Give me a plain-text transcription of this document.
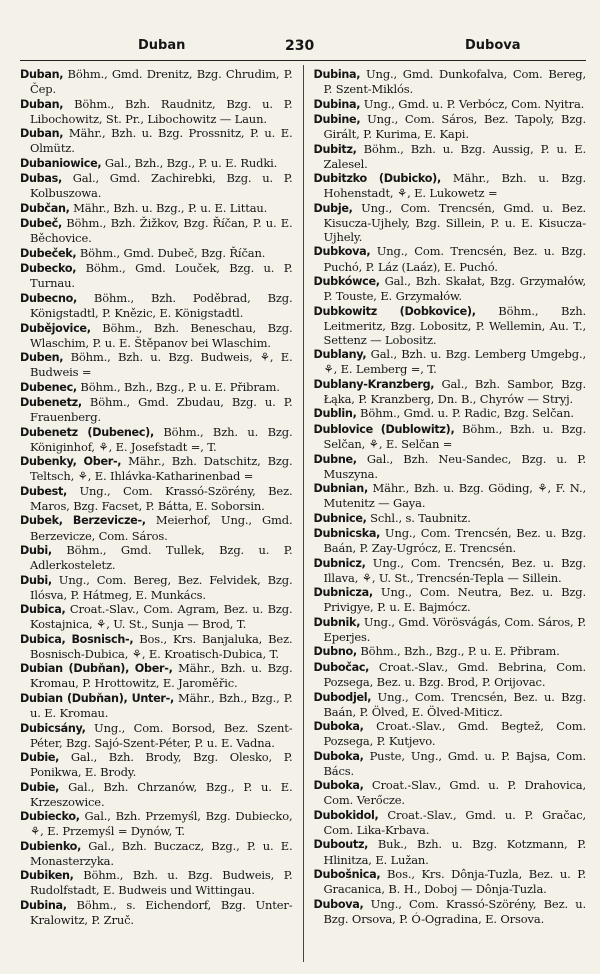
Duban	230	Dubova

Duban, Böhm., Gmd. Drenitz, Bzg. Chrudim, P. Čep.

Duban, Böhm., Bzh. Raudnitz, Bzg. u. P. Libochowitz, St. Pr., Libochowitz — Laun.

Duban, Mähr., Bzh. u. Bzg. Prossnitz, P. u. E. Olmütz.

Dubaniowice, Gal., Bzh., Bzg., P. u. E. Rudki.

Dubas, Gal., Gmd. Zachirebki, Bzg. u. P. Kolbuszowa.

Dubčan, Mähr., Bzh. u. Bzg., P. u. E. Littau.

Dubeč, Böhm., Bzh. Žižkov, Bzg. Říčan, P. u. E. Běchovice.

Dubeček, Böhm., Gmd. Dubeč, Bzg. Říčan.

Dubecko, Böhm., Gmd. Louček, Bzg. u. P. Turnau.

Dubecno, Böhm., Bzh. Poděbrad, Bzg. Königstadtl, P. Knězic, E. Königstadtl.

Dubějovice, Böhm., Bzh. Beneschau, Bzg. Wlaschim, P. u. E. Štěpanov bei Wlaschim.

Duben, Böhm., Bzh. u. Bzg. Budweis, ⚘, E. Budweis =

Dubenec, Böhm., Bzh., Bzg., P. u. E. Přibram.

Dubenetz, Böhm., Gmd. Zbudau, Bzg. u. P. Frauenberg.

Dubenetz (Dubenec), Böhm., Bzh. u. Bzg. Königinhof, ⚘, E. Josefstadt =, T.

Dubenky, Ober-, Mähr., Bzh. Datschitz, Bzg. Teltsch, ⚘, E. Ihlávka-Katharinenbad =

Dubest, Ung., Com. Krassó-Szörény, Bez. Maros, Bzg. Facset, P. Bátta, E. Soborsin.

Dubek, Berzevicze-, Meierhof, Ung., Gmd. Berzevicze, Com. Sáros.

Dubi, Böhm., Gmd. Tullek, Bzg. u. P. Adlerkosteletz.

Dubi, Ung., Com. Bereg, Bez. Felvidek, Bzg. Ilósva, P. Hátmeg, E. Munkács.

Dubica, Croat.-Slav., Com. Agram, Bez. u. Bzg. Kostajnica, ⚘, U. St., Sunja — Brod, T.

Dubica, Bosnisch-, Bos., Krs. Banjaluka, Bez. Bosnisch-Dubica, ⚘, E. Kroatisch-Dubica, T.

Dubian (Dubňan), Ober-, Mähr., Bzh. u. Bzg. Kromau, P. Hrottowitz, E. Jaroměřic.

Dubian (Dubňan), Unter-, Mähr., Bzh., Bzg., P. u. E. Kromau.

Dubicsány, Ung., Com. Borsod, Bez. Szent-Péter, Bzg. Sajó-Szent-Péter, P. u. E. Vadna.

Dubie, Gal., Bzh. Brody, Bzg. Olesko, P. Ponikwa, E. Brody.

Dubie, Gal., Bzh. Chrzanów, Bzg., P. u. E. Krzeszowice.

Dubiecko, Gal., Bzh. Przemyśl, Bzg. Dubiecko, ⚘, E. Przemyśl = Dynów, T.

Dubienko, Gal., Bzh. Buczacz, Bzg., P. u. E. Monasterzyka.

Dubiken, Böhm., Bzh. u. Bzg. Budweis, P. Rudolfstadt, E. Budweis und Wittingau.

Dubina, Böhm., s. Eichendorf, Bzg. Unter-Kralowitz, P. Zruč.

Dubina, Ung., Gmd. Dunkofalva, Com. Bereg, P. Szent-Miklós.

Dubina, Ung., Gmd. u. P. Verbócz, Com. Nyitra.

Dubine, Ung., Com. Sáros, Bez. Tapoly, Bzg. Girált, P. Kurima, E. Kapi.

Dubitz, Böhm., Bzh. u. Bzg. Aussig, P. u. E. Zalesel.

Dubitzko (Dubicko), Mähr., Bzh. u. Bzg. Hohenstadt, ⚘, E. Lukowetz =

Dubje, Ung., Com. Trencsén, Gmd. u. Bez. Kisucza-Ujhely, Bzg. Sillein, P. u. E. Kisucza-Ujhely.

Dubkova, Ung., Com. Trencsén, Bez. u. Bzg. Puchó, P. Láz (Laáz), E. Puchó.

Dubkówce, Gal., Bzh. Skałat, Bzg. Grzymałów, P. Touste, E. Grzymałów.

Dubkowitz (Dobkovice), Böhm., Bzh. Leitmeritz, Bzg. Lobositz, P. Wellemin, Au. T., Settenz — Lobositz.

Dublany, Gal., Bzh. u. Bzg. Lemberg Umgebg., ⚘, E. Lemberg =, T.

Dublany-Kranzberg, Gal., Bzh. Sambor, Bzg. Łąka, P. Kranzberg, Dn. B., Chyrów — Stryj.

Dublin, Böhm., Gmd. u. P. Radic, Bzg. Selčan.

Dublovice (Dublowitz), Böhm., Bzh. u. Bzg. Selčan, ⚘, E. Selčan =

Dubne, Gal., Bzh. Neu-Sandec, Bzg. u. P. Muszyna.

Dubnian, Mähr., Bzh. u. Bzg. Göding, ⚘, F. N., Mutenitz — Gaya.

Dubnice, Schl., s. Taubnitz.

Dubnicska, Ung., Com. Trencsén, Bez. u. Bzg. Baán, P. Zay-Ugrócz, E. Trencsén.

Dubnicz, Ung., Com. Trencsén, Bez. u. Bzg. Illava, ⚘, U. St., Trencsén-Tepla — Sillein.

Dubnicza, Ung., Com. Neutra, Bez. u. Bzg. Privigye, P. u. E. Bajmócz.

Dubnik, Ung., Gmd. Vörösvágás, Com. Sáros, P. Eperjes.

Dubno, Böhm., Bzh., Bzg., P. u. E. Přibram.

Dubočac, Croat.-Slav., Gmd. Bebrina, Com. Pozsega, Bez. u. Bzg. Brod, P. Orijovac.

Dubodjel, Ung., Com. Trencsén, Bez. u. Bzg. Baán, P. Ölved, E. Ölved-Miticz.

Duboka, Croat.-Slav., Gmd. Begtež, Com. Pozsega, P. Kutjevo.

Duboka, Puste, Ung., Gmd. u. P. Bajsa, Com. Bács.

Duboka, Croat.-Slav., Gmd. u. P. Drahovica, Com. Verőcze.

Dubokidol, Croat.-Slav., Gmd. u. P. Gračac, Com. Lika-Krbava.

Duboutz, Buk., Bzh. u. Bzg. Kotzmann, P. Hlinitza, E. Lužan.

Dubošnica, Bos., Krs. Dônja-Tuzla, Bez. u. P. Gracanica, B. H., Doboj — Dônja-Tuzla.

Dubova, Ung., Com. Krassó-Szörény, Bez. u. Bzg. Orsova, P. Ó-Ogradina, E. Orsova.
